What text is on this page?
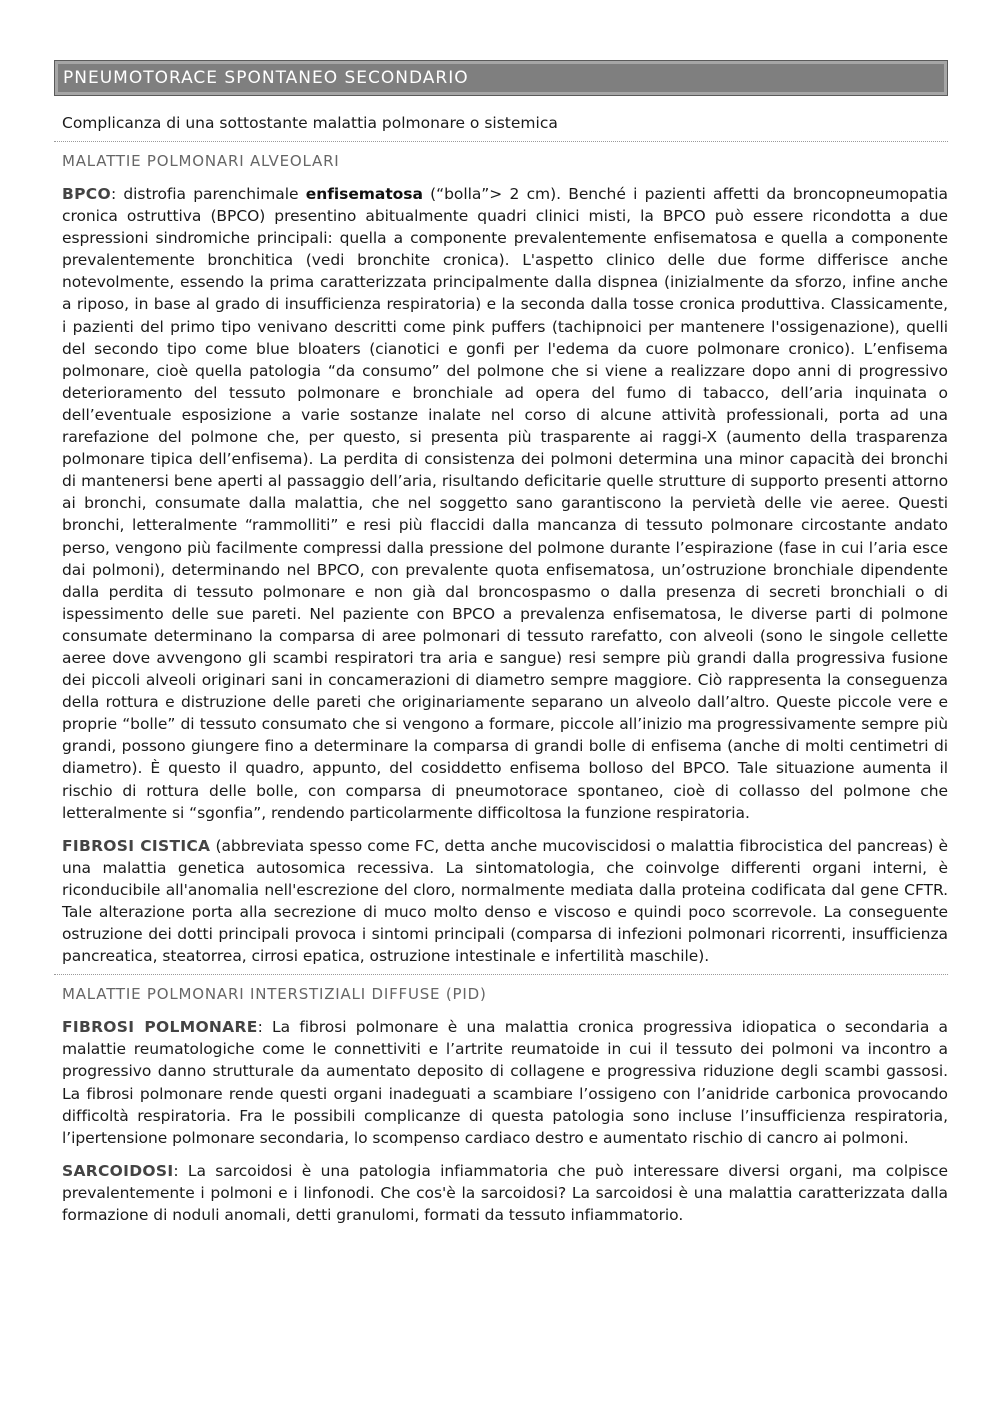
PNEUMOTORACE SPONTANEO SECONDARIO
Complicanza di una sottostante malattia polmonare o sistemica
MALATTIE POLMONARI ALVEOLARI

BPCO: distrofia parenchimale enfisematosa (“bolla”> 2 cm). Benché i pazienti affetti da broncopneumopatia cronica ostruttiva (BPCO) presentino abitualmente quadri clinici misti, la BPCO può essere ricondotta a due espressioni sindromiche principali: quella a componente prevalentemente enfisematosa e quella a componente prevalentemente bronchitica (vedi bronchite cronica). L'aspetto clinico delle due forme differisce anche notevolmente, essendo la prima caratterizzata principalmente dalla dispnea (inizialmente da sforzo, infine anche a riposo, in base al grado di insufficienza respiratoria) e la seconda dalla tosse cronica produttiva. Classicamente, i pazienti del primo tipo venivano descritti come pink puffers (tachipnoici per mantenere l'ossigenazione), quelli del secondo tipo come blue bloaters (cianotici e gonfi per l'edema da cuore polmonare cronico). L’enfisema polmonare, cioè quella patologia “da consumo” del polmone che si viene a realizzare dopo anni di progressivo deterioramento del tessuto polmonare e bronchiale ad opera del fumo di tabacco, dell’aria inquinata o dell’eventuale esposizione a varie sostanze inalate nel corso di alcune attività professionali, porta ad una rarefazione del polmone che, per questo, si presenta più trasparente ai raggi-X (aumento della trasparenza polmonare tipica dell’enfisema). La perdita di consistenza dei polmoni determina una minor capacità dei bronchi di mantenersi bene aperti al passaggio dell’aria, risultando deficitarie quelle strutture di supporto presenti attorno ai bronchi, consumate dalla malattia, che nel soggetto sano garantiscono la pervietà delle vie aeree. Questi bronchi, letteralmente “rammolliti” e resi più flaccidi dalla mancanza di tessuto polmonare circostante andato perso, vengono più facilmente compressi dalla pressione del polmone durante l’espirazione (fase in cui l’aria esce dai polmoni), determinando nel BPCO, con prevalente quota enfisematosa, un’ostruzione bronchiale dipendente dalla perdita di tessuto polmonare e non già dal broncospasmo o dalla presenza di secreti bronchiali o di ispessimento delle sue pareti. Nel paziente con BPCO a prevalenza enfisematosa, le diverse parti di polmone consumate determinano la comparsa di aree polmonari di tessuto rarefatto, con alveoli (sono le singole cellette aeree dove avvengono gli scambi respiratori tra aria e sangue) resi sempre più grandi dalla progressiva fusione dei piccoli alveoli originari sani in concamerazioni di diametro sempre maggiore. Ciò rappresenta la conseguenza della rottura e distruzione delle pareti che originariamente separano un alveolo dall’altro. Queste piccole vere e proprie “bolle” di tessuto consumato che si vengono a formare, piccole all’inizio ma progressivamente sempre più grandi, possono giungere fino a determinare la comparsa di grandi bolle di enfisema (anche di molti centimetri di diametro). È questo il quadro, appunto, del cosiddetto enfisema bolloso del BPCO. Tale situazione aumenta il rischio di rottura delle bolle, con comparsa di pneumotorace spontaneo, cioè di collasso del polmone che letteralmente si “sgonfia”, rendendo particolarmente difficoltosa la funzione respiratoria.

FIBROSI CISTICA (abbreviata spesso come FC, detta anche mucoviscidosi o malattia fibrocistica del pancreas) è una malattia genetica autosomica recessiva. La sintomatologia, che coinvolge differenti organi interni, è riconducibile all'anomalia nell'escrezione del cloro, normalmente mediata dalla proteina codificata dal gene CFTR. Tale alterazione porta alla secrezione di muco molto denso e viscoso e quindi poco scorrevole. La conseguente ostruzione dei dotti principali provoca i sintomi principali (comparsa di infezioni polmonari ricorrenti, insufficienza pancreatica, steatorrea, cirrosi epatica, ostruzione intestinale e infertilità maschile).

MALATTIE POLMONARI INTERSTIZIALI DIFFUSE (PID)

FIBROSI POLMONARE: La fibrosi polmonare è una malattia cronica progressiva idiopatica o secondaria a malattie reumatologiche come le connettiviti e l’artrite reumatoide in cui il tessuto dei polmoni va incontro a progressivo danno strutturale da aumentato deposito di collagene e progressiva riduzione degli scambi gassosi. La fibrosi polmonare rende questi organi inadeguati a scambiare l’ossigeno con l’anidride carbonica provocando difficoltà respiratoria. Fra le possibili complicanze di questa patologia sono incluse l’insufficienza respiratoria, l’ipertensione polmonare secondaria, lo scompenso cardiaco destro e aumentato rischio di cancro ai polmoni.

SARCOIDOSI: La sarcoidosi è una patologia infiammatoria che può interessare diversi organi, ma colpisce prevalentemente i polmoni e i linfonodi. Che cos'è la sarcoidosi? La sarcoidosi è una malattia caratterizzata dalla formazione di noduli anomali, detti granulomi, formati da tessuto infiammatorio.
